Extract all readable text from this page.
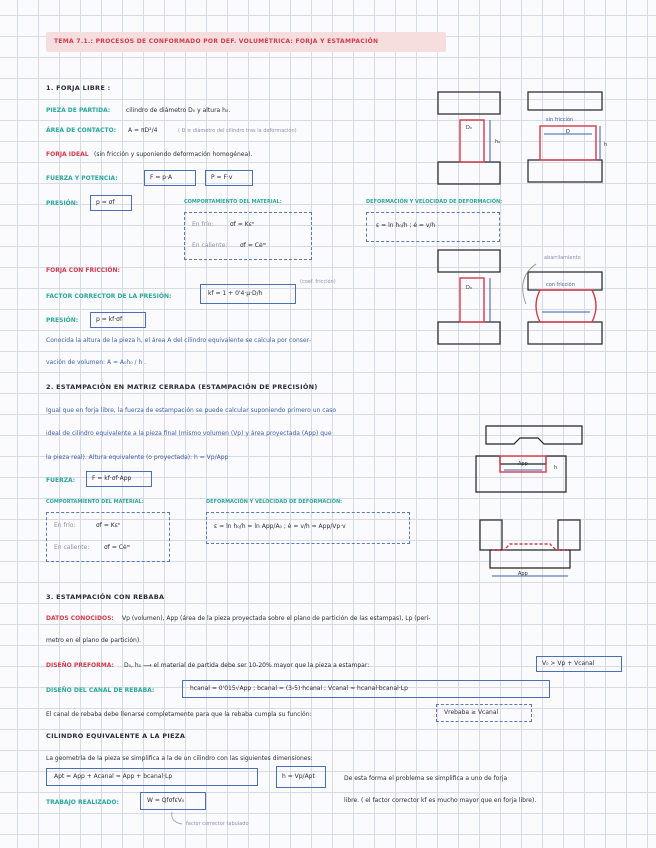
TEMA 7.1.: PROCESOS DE CONFORMADO POR DEF. VOLUMÉTRICA: FORJA Y ESTAMPACIÓN
1. FORJA LIBRE :
PIEZA DE PARTIDA:	cilindro de diámetro D₀ y altura h₀.
ÁREA DE CONTACTO: A = πD²/4	( D ≡ diámetro del cilindro tras la deformación)
FORJA IDEAL (sin fricción y suponiendo deformación homogénea).
FUERZA Y POTENCIA:	F = p·A	P = F·v
PRESIÓN:	p = σf	COMPORTAMIENTO DEL MATERIAL:
En frío:	σf = Kεⁿ
En caliente: σf = Cėᵐ
DEFORMACIÓN Y VELOCIDAD DE DEFORMACIÓN:
ε = ln h₀/h ; ė = v/h
FORJA CON FRICCIÓN:
FACTOR CORRECTOR DE LA PRESIÓN:	kf = 1 + 0'4·μ·D/h
(coef. fricción)
PRESIÓN:	p = kf·σf
Conocida la altura de la pieza h, el área A del cilindro equivalente se calcula por conser-
vación de volumen: A = A₀h₀ / h .
D₀
h₀
sin fricción
D
h
D₀	con fricción
abarrilamiento
2. ESTAMPACIÓN EN MATRIZ CERRADA (ESTAMPACIÓN DE PRECISIÓN)
Igual que en forja libre, la fuerza de estampación se puede calcular suponiendo primero un caso
ideal de cilindro equivalente a la pieza final (mismo volumen (Vp) y área proyectada (App) que
la pieza real). Altura equivalente (o proyectada): h = Vp/App
FUERZA:	F = kf·σf·App
COMPORTAMIENTO DEL MATERIAL:
En frío:	σf = Kεⁿ
En caliente: σf = Cėᵐ
DEFORMACIÓN Y VELOCIDAD DE DEFORMACIÓN:
ε = ln h₀/h = ln App/A₀ ; ė = v/h = App/Vp·v
App
h
App
3. ESTAMPACIÓN CON REBABA
DATOS CONOCIDOS: Vp (volumen), App (área de la pieza proyectada sobre el plano de partición de las estampas), Lp (perí-
metro en el plano de partición).
DISEÑO PREFORMA: D₀, h₀ ⟶ el material de partida debe ser 10-20% mayor que la pieza a estampar:	V₀ > Vp + Vcanal
DISEÑO DEL CANAL DE REBABA:	hcanal = 0'015√App ; bcanal = (3-5)·hcanal ; Vcanal ≈ hcanal·bcanal·Lp
El canal de rebaba debe llenarse completamente para que la rebaba cumpla su función:	Vrebaba ≥ Vcanal
CILINDRO EQUIVALENTE A LA PIEZA
La geometría de la pieza se simplifica a la de un cilindro con las siguientes dimensiones:
Apt = App + Acanal ≈ App + bcanal·Lp	h = Vp/Apt	De esta forma el problema se simplifica a uno de forja
libre. ( el factor corrector kf es mucho mayor que en forja libre).
TRABAJO REALIZADO:	W = QfσfεV₀
factor corrector tabulado
